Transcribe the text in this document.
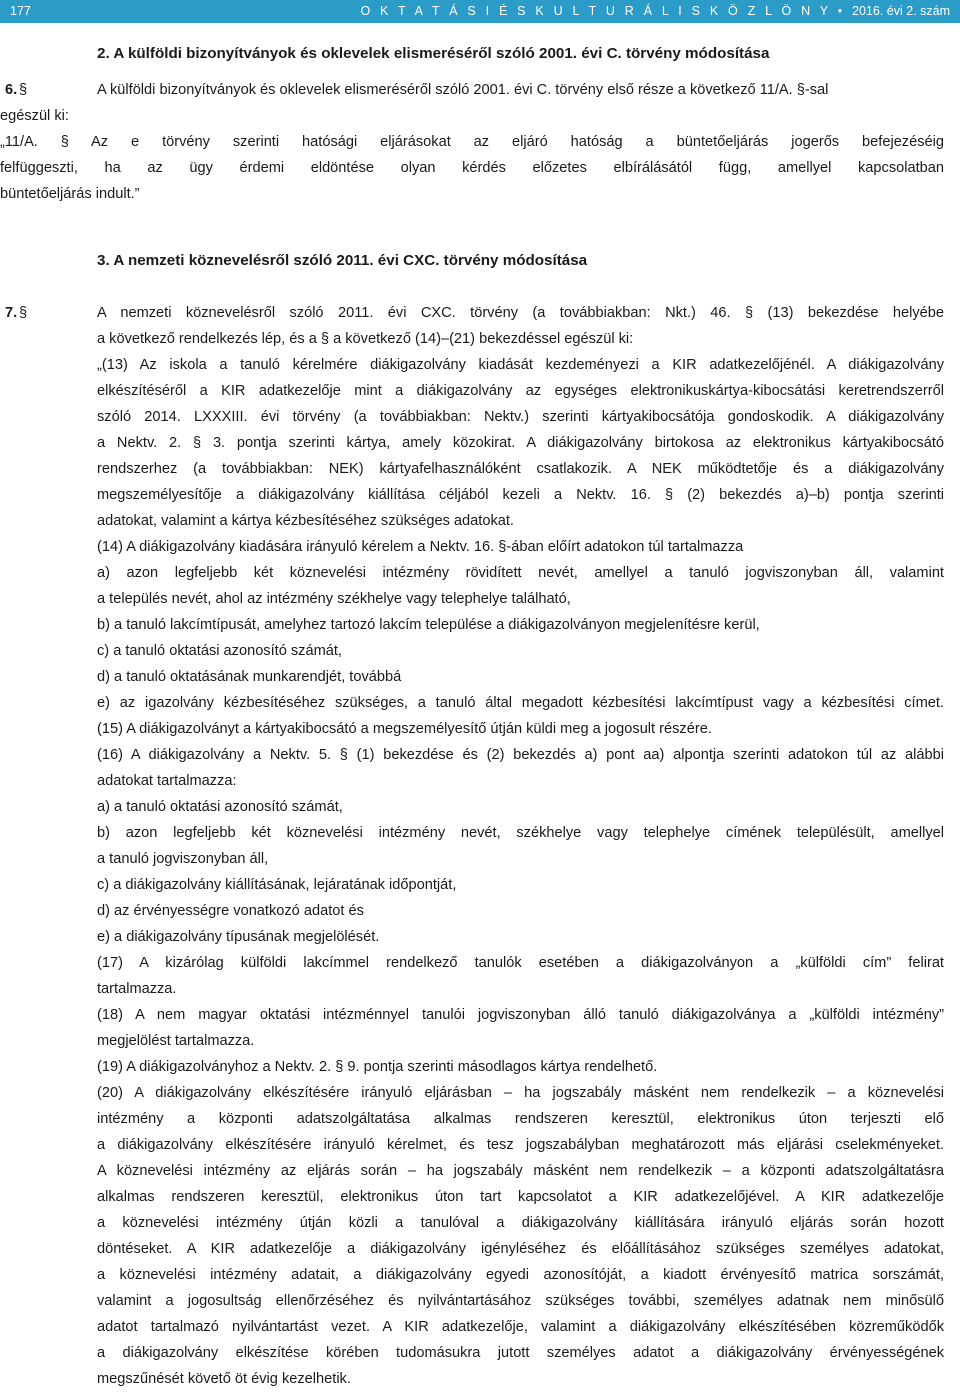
177	O K T A T Á S I É S K U L T U R Á L I S K Ö Z L Ö N Y • 2016. évi 2. szám
2. A külföldi bizonyítványok és oklevelek elismeréséről szóló 2001. évi C. törvény módosítása
6. §	A külföldi bizonyítványok és oklevelek elismeréséről szóló 2001. évi C. törvény első része a következő 11/A. §-sal
egészül ki:
„11/A. § Az e törvény szerinti hatósági eljárásokat az eljáró hatóság a büntetőeljárás jogerős befejezéséig
felfüggeszti, ha az ügy érdemi eldöntése olyan kérdés előzetes elbírálásától függ, amellyel kapcsolatban
büntetőeljárás indult.”
3. A nemzeti köznevelésről szóló 2011. évi CXC. törvény módosítása
7. §	A nemzeti köznevelésről szóló 2011. évi CXC. törvény (a továbbiakban: Nkt.) 46. § (13) bekezdése helyébe
a következő rendelkezés lép, és a § a következő (14)–(21) bekezdéssel egészül ki:
„(13) Az iskola a tanuló kérelmére diákigazolvány kiadását kezdeményezi a KIR adatkezelőjénél. A diákigazolvány
elkészítéséről a KIR adatkezelője mint a diákigazolvány az egységes elektronikuskártya-kibocsátási keretrendszerről
szóló 2014. LXXXIII. évi törvény (a továbbiakban: Nektv.) szerinti kártyakibocsátója gondoskodik. A diákigazolvány
a Nektv. 2. § 3. pontja szerinti kártya, amely közokirat. A diákigazolvány birtokosa az elektronikus kártyakibocsátó
rendszerhez (a továbbiakban: NEK) kártyafelhasználóként csatlakozik. A NEK működtetője és a diákigazolvány
megszemélyesítője a diákigazolvány kiállítása céljából kezeli a Nektv. 16. § (2) bekezdés a)–b) pontja szerinti
adatokat, valamint a kártya kézbesítéséhez szükséges adatokat.
(14) A diákigazolvány kiadására irányuló kérelem a Nektv. 16. §-ában előírt adatokon túl tartalmazza
a) azon legfeljebb két köznevelési intézmény rövidített nevét, amellyel a tanuló jogviszonyban áll, valamint
a település nevét, ahol az intézmény székhelye vagy telephelye található,
b) a tanuló lakcímtípusát, amelyhez tartozó lakcím települése a diákigazolványon megjelenítésre kerül,
c) a tanuló oktatási azonosító számát,
d) a tanuló oktatásának munkarendjét, továbbá
e) az igazolvány kézbesítéséhez szükséges, a tanuló által megadott kézbesítési lakcímtípust vagy a kézbesítési címet.
(15) A diákigazolványt a kártyakibocsátó a megszemélyesítő útján küldi meg a jogosult részére.
(16) A diákigazolvány a Nektv. 5. § (1) bekezdése és (2) bekezdés a) pont aa) alpontja szerinti adatokon túl az alábbi
adatokat tartalmazza:
a) a tanuló oktatási azonosító számát,
b) azon legfeljebb két köznevelési intézmény nevét, székhelye vagy telephelye címének településült, amellyel
a tanuló jogviszonyban áll,
c) a diákigazolvány kiállításának, lejáratának időpontját,
d) az érvényességre vonatkozó adatot és
e) a diákigazolvány típusának megjelölését.
(17) A kizárólag külföldi lakcímmel rendelkező tanulók esetében a diákigazolványon a „külföldi cím” felirat
tartalmazza.
(18) A nem magyar oktatási intézménnyel tanulói jogviszonyban álló tanuló diákigazolványa a „külföldi intézmény”
megjelölést tartalmazza.
(19) A diákigazolványhoz a Nektv. 2. § 9. pontja szerinti másodlagos kártya rendelhető.
(20) A diákigazolvány elkészítésére irányuló eljárásban – ha jogszabály másként nem rendelkezik – a köznevelési
intézmény a központi adatszolgáltatása alkalmas rendszeren keresztül, elektronikus úton terjeszti elő
a diákigazolvány elkészítésére irányuló kérelmet, és tesz jogszabályban meghatározott más eljárási cselekményeket.
A köznevelési intézmény az eljárás során – ha jogszabály másként nem rendelkezik – a központi adatszolgáltatásra
alkalmas rendszeren keresztül, elektronikus úton tart kapcsolatot a KIR adatkezelőjével. A KIR adatkezelője
a köznevelési intézmény útján közli a tanulóval a diákigazolvány kiállítására irányuló eljárás során hozott
döntéseket. A KIR adatkezelője a diákigazolvány igényléséhez és előállításához szükséges személyes adatokat,
a köznevelési intézmény adatait, a diákigazolvány egyedi azonosítóját, a kiadott érvényesítő matrica sorszámát,
valamint a jogosultság ellenőrzéséhez és nyilvántartásához szükséges további, személyes adatnak nem minősülő
adatot tartalmazó nyilvántartást vezet. A KIR adatkezelője, valamint a diákigazolvány elkészítésében közreműködők
a diákigazolvány elkészítése körében tudomásukra jutott személyes adatot a diákigazolvány érvényességének
megszűnését követő öt évig kezelhetik.
